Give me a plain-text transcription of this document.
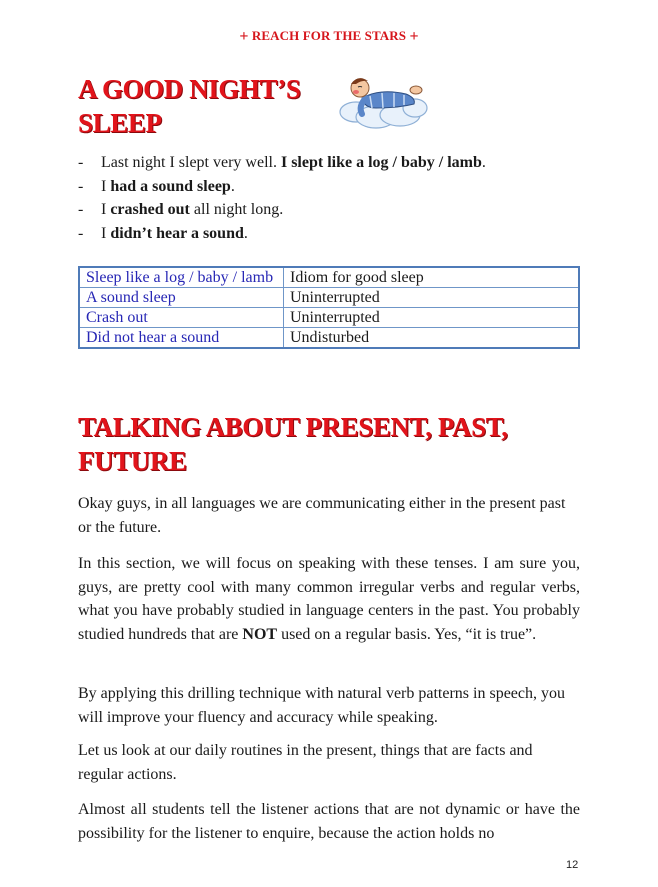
+ REACH FOR THE STARS +
A GOOD NIGHT’S
SLEEP
- Last night I slept very well. I slept like a log / baby / lamb.
- I had a sound sleep.
- I crashed out all night long.
- I didn’t hear a sound.
Sleep like a log / baby / lamb	Idiom for good sleep
A sound sleep	Uninterrupted
Crash out	Uninterrupted
Did not hear a sound	Undisturbed
TALKING ABOUT PRESENT, PAST,
FUTURE

Okay guys, in all languages we are communicating either in the present past or the future.

In this section, we will focus on speaking with these tenses. I am sure you, guys, are pretty cool with many common irregular verbs and regular verbs, what you have probably studied in language centers in the past. You probably studied hundreds that are NOT used on a regular basis. Yes, “it is true”.

By applying this drilling technique with natural verb patterns in speech, you will improve your fluency and accuracy while speaking.

Let us look at our daily routines in the present, things that are facts and regular actions.

Almost all students tell the listener actions that are not dynamic or have the possibility for the listener to enquire, because the action holds no

12
